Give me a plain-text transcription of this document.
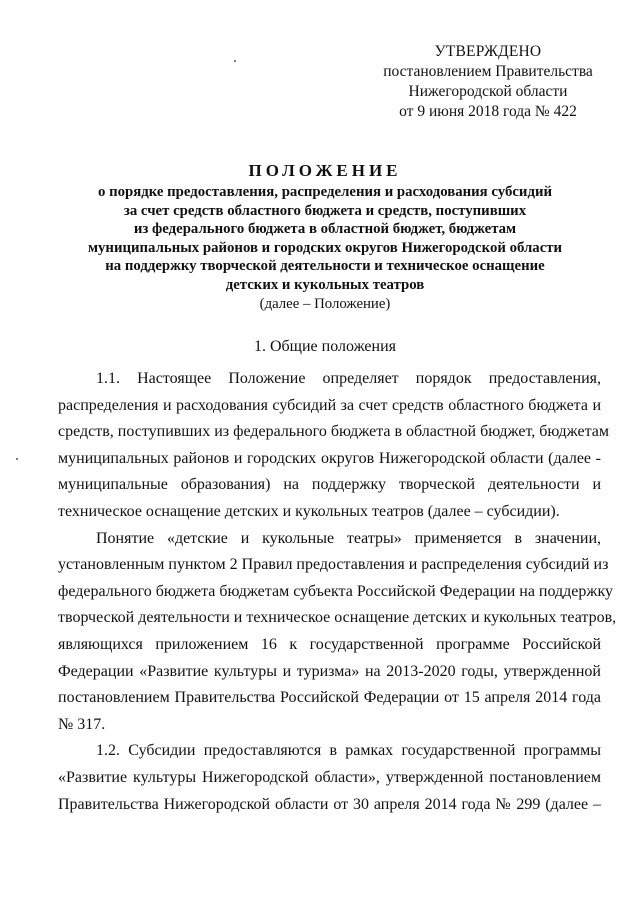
УТВЕРЖДЕНО
постановлением Правительства
Нижегородской области
от 9 июня 2018 года № 422
ПОЛОЖЕНИЕ
о порядке предоставления, распределения и расходования субсидий
за счет средств областного бюджета и средств, поступивших
из федерального бюджета в областной бюджет, бюджетам
муниципальных районов и городских округов Нижегородской области
на поддержку творческой деятельности и техническое оснащение
детских и кукольных театров
(далее – Положение)
1. Общие положения
1.1. Настоящее Положение определяет порядок предоставления,
распределения и расходования субсидий за счет средств областного бюджета и
средств, поступивших из федерального бюджета в областной бюджет, бюджетам
муниципальных районов и городских округов Нижегородской области (далее -
муниципальные образования) на поддержку творческой деятельности и
техническое оснащение детских и кукольных театров (далее – субсидии).
Понятие «детские и кукольные театры» применяется в значении,
установленным пунктом 2 Правил предоставления и распределения субсидий из
федерального бюджета бюджетам субъекта Российской Федерации на поддержку
творческой деятельности и техническое оснащение детских и кукольных театров,
являющихся приложением 16 к государственной программе Российской
Федерации «Развитие культуры и туризма» на 2013-2020 годы, утвержденной
постановлением Правительства Российской Федерации от 15 апреля 2014 года
№ 317.
1.2. Субсидии предоставляются в рамках государственной программы
«Развитие культуры Нижегородской области», утвержденной постановлением
Правительства Нижегородской области от 30 апреля 2014 года № 299 (далее –
